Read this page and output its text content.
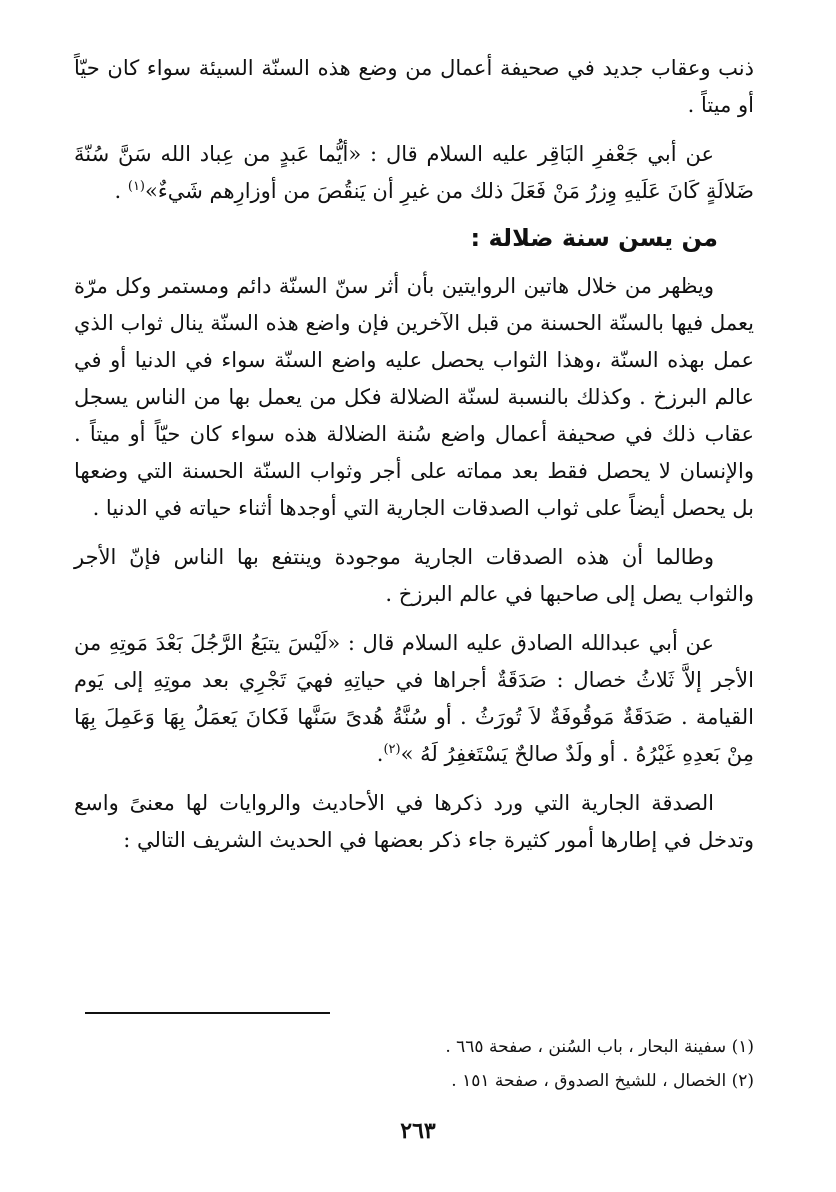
ذنب وعقاب جديد في صحيفة أعمال من وضع هذه السنّة السيئة سواء كان حيّاً أو ميتاً .

عن أبي جَعْفرِ البَاقِر عليه السلام قال : «أيُّما عَبدٍ من عِباد الله سَنَّ سُنّةَ ضَلالَةٍ كَانَ عَلَيهِ وِزرُ مَنْ فَعَلَ ذلك من غيرِ أن يَنقُصَ من أوزارِهم شَيءٌ»$^{(١)}$ .

من يسن سنة ضلالة :

ويظهر من خلال هاتين الروايتين بأن أثر سنّ السنّة دائم ومستمر وكل مرّة يعمل فيها بالسنّة الحسنة من قبل الآخرين فإن واضع هذه السنّة ينال ثواب الذي عمل بهذه السنّة ،وهذا الثواب يحصل عليه واضع السنّة سواء في الدنيا أو في عالم البرزخ . وكذلك بالنسبة لسنّة الضلالة فكل من يعمل بها من الناس يسجل عقاب ذلك في صحيفة أعمال واضع سُنة الضلالة هذه سواء كان حيّاً أو ميتاً . والإنسان لا يحصل فقط بعد مماته على أجر وثواب السنّة الحسنة التي وضعها بل يحصل أيضاً على ثواب الصدقات الجارية التي أوجدها أثناء حياته في الدنيا .

وطالما أن هذه الصدقات الجارية موجودة وينتفع بها الناس فإنّ الأجر والثواب يصل إلى صاحبها في عالم البرزخ .

عن أبي عبدالله الصادق عليه السلام قال : «لَيْسَ يتبَعُ الرَّجُلَ بَعْدَ مَوتِهِ من الأجر إلاَّ ثَلاثُ خصال : صَدَقَةٌ أجراها في حياتِهِ فهيَ تَجْرِي بعد موتِهِ إلى يَوم القيامة . صَدَقَةٌ مَوقُوفَةٌ لاَ تُورَثُ . أو سُنَّةُ هُدىً سَنَّها فَكانَ يَعمَلُ بِهَا وَعَمِلَ بِهَا مِنْ بَعدِهِ غَيْرُهُ . أو ولَدٌ صالحٌ يَسْتَغفِرُ لَهُ »$^{(٢)}$.

الصدقة الجارية التي ورد ذكرها في الأحاديث والروايات لها معنىً واسع وتدخل في إطارها أمور كثيرة جاء ذكر بعضها في الحديث الشريف التالي :

(١) سفينة البحار ، باب السُنن ، صفحة ٦٦٥ .

(٢) الخصال ، للشيخ الصدوق ، صفحة ١٥١ .

٢٦٣
